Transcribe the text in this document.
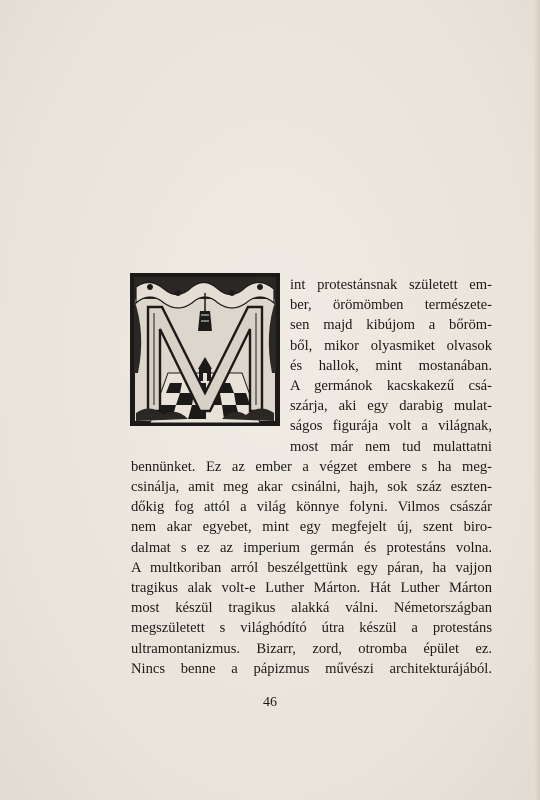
int protestánsnak született em-
ber, örömömben természete-
sen majd kibújom a bőröm-
ből, mikor olyasmiket olvasok
és hallok, mint mostanában.
A germánok kacskakezű csá-
szárja, aki egy darabig mulat-
ságos figurája volt a világnak,
most már nem tud mulattatni
bennünket. Ez az ember a végzet embere s ha meg-
csinálja, amit meg akar csinálni, hajh, sok száz eszten-
dőkig fog attól a világ könnye folyni. Vilmos császár
nem akar egyebet, mint egy megfejelt új, szent biro-
dalmat s ez az imperium germán és protestáns volna.
A multkoriban arról beszélgettünk egy páran, ha vajjon
tragikus alak volt-e Luther Márton. Hát Luther Márton
most készül tragikus alakká válni. Németországban
megszületett s világhódító útra készül a protestáns
ultramontanizmus. Bizarr, zord, otromba épület ez.
Nincs benne a pápizmus művészi architekturájából.
46
